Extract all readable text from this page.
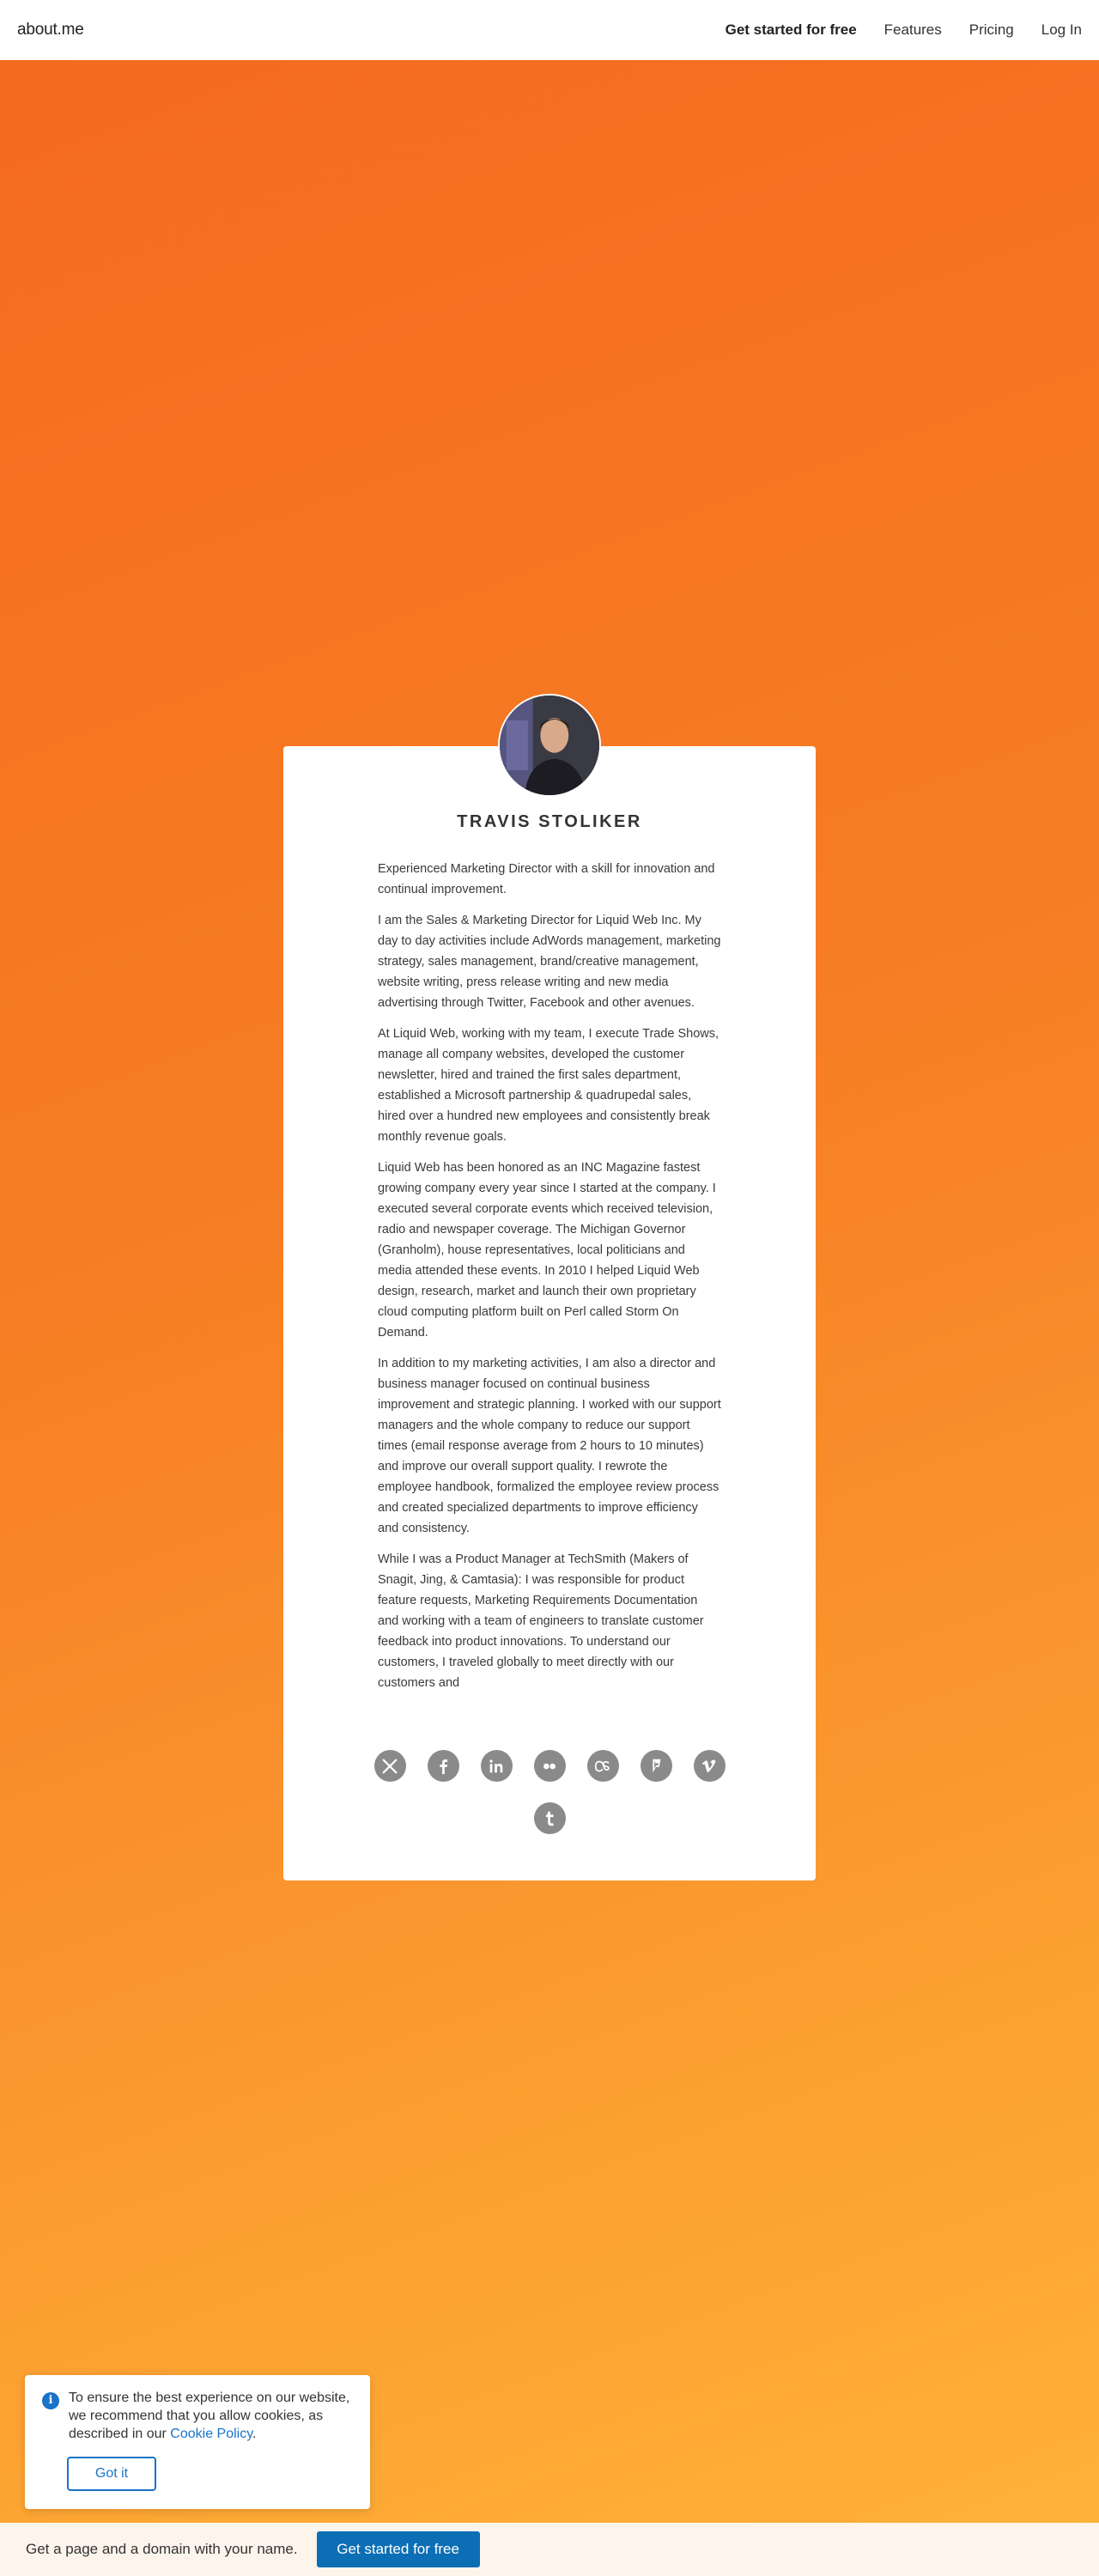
about.me	Get started for free Features Pricing Log In
TRAVIS STOLIKER

Experienced Marketing Director with a skill for innovation and continual improvement.

I am the Sales & Marketing Director for Liquid Web Inc. My day to day activities include AdWords management, marketing strategy, sales management, brand/creative management, website writing, press release writing and new media advertising through Twitter, Facebook and other avenues.

At Liquid Web, working with my team, I execute Trade Shows, manage all company websites, developed the customer newsletter, hired and trained the first sales department, established a Microsoft partnership & quadrupedal sales, hired over a hundred new employees and consistently break monthly revenue goals.

Liquid Web has been honored as an INC Magazine fastest growing company every year since I started at the company. I executed several corporate events which received television, radio and newspaper coverage. The Michigan Governor (Granholm), house representatives, local politicians and media attended these events. In 2010 I helped Liquid Web design, research, market and launch their own proprietary cloud computing platform built on Perl called Storm On Demand.

In addition to my marketing activities, I am also a director and business manager focused on continual business improvement and strategic planning. I worked with our support managers and the whole company to reduce our support times (email response average from 2 hours to 10 minutes) and improve our overall support quality. I rewrote the employee handbook, formalized the employee review process and created specialized departments to improve efficiency and consistency.

While I was a Product Manager at TechSmith (Makers of Snagit, Jing, & Camtasia): I was responsible for product feature requests, Marketing Requirements Documentation and working with a team of engineers to translate customer feedback into product innovations. To understand our customers, I traveled globally to meet directly with our customers and

i	To ensure the best experience on our website, we recommend that you allow cookies, as described in our Cookie Policy.
Got it
Get a page and a domain with your name.	Get started for free
